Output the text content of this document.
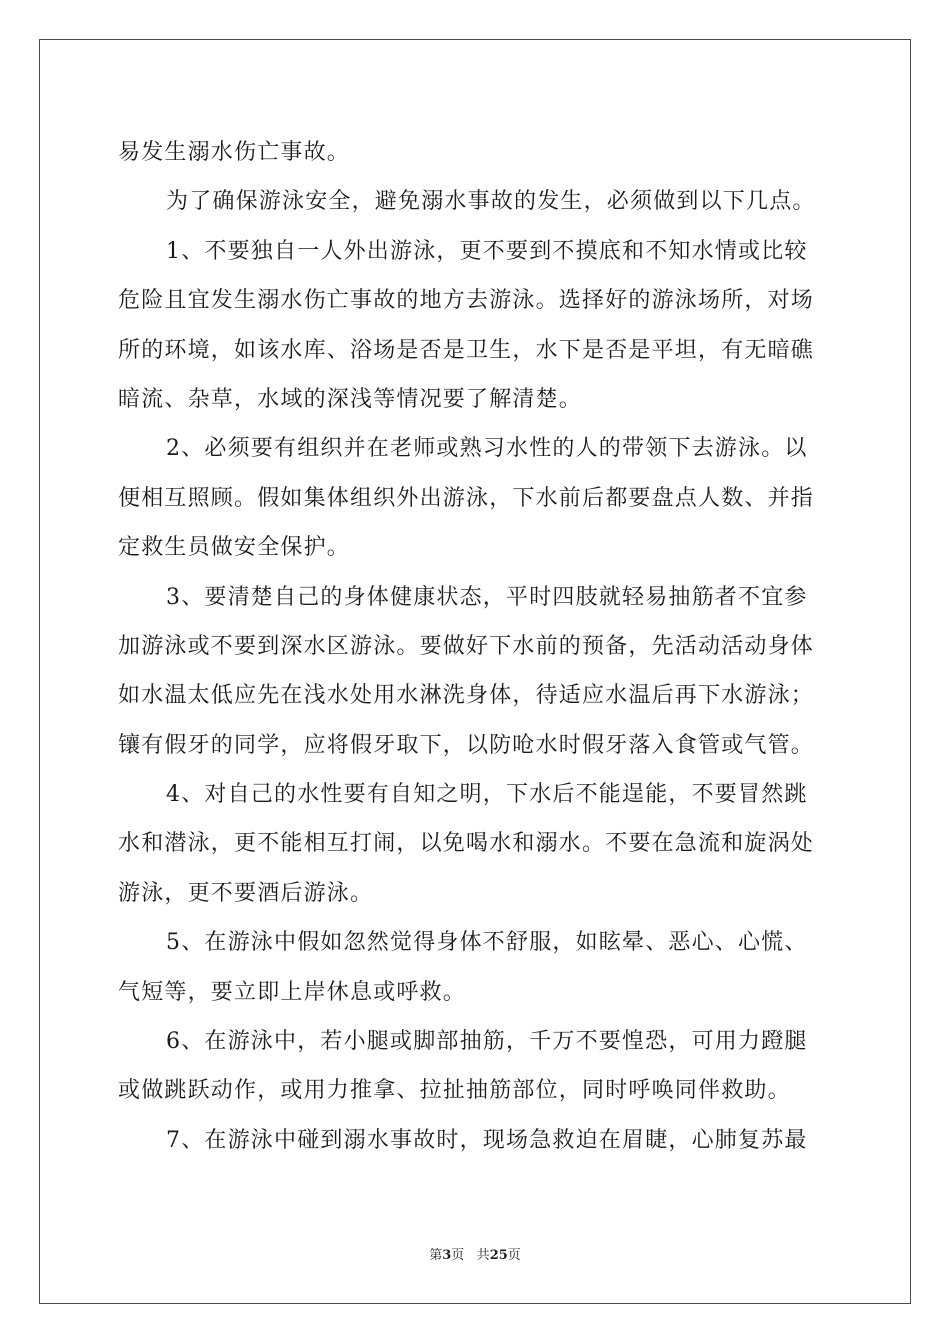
易发生溺水伤亡事故。
为了确保游泳安全，避免溺水事故的发生，必须做到以下几点。
1、不要独自一人外出游泳，更不要到不摸底和不知水情或比较
危险且宜发生溺水伤亡事故的地方去游泳。选择好的游泳场所，对场
所的环境，如该水库、浴场是否是卫生，水下是否是平坦，有无暗礁
暗流、杂草，水域的深浅等情况要了解清楚。
2、必须要有组织并在老师或熟习水性的人的带领下去游泳。以
便相互照顾。假如集体组织外出游泳，下水前后都要盘点人数、并指
定救生员做安全保护。
3、要清楚自己的身体健康状态，平时四肢就轻易抽筋者不宜参
加游泳或不要到深水区游泳。要做好下水前的预备，先活动活动身体
如水温太低应先在浅水处用水淋洗身体，待适应水温后再下水游泳；
镶有假牙的同学，应将假牙取下，以防呛水时假牙落入食管或气管。
4、对自己的水性要有自知之明，下水后不能逞能，不要冒然跳
水和潜泳，更不能相互打闹，以免喝水和溺水。不要在急流和旋涡处
游泳，更不要酒后游泳。
5、在游泳中假如忽然觉得身体不舒服，如眩晕、恶心、心慌、
气短等，要立即上岸休息或呼救。
6、在游泳中，若小腿或脚部抽筋，千万不要惶恐，可用力蹬腿
或做跳跃动作，或用力推拿、拉扯抽筋部位，同时呼唤同伴救助。
7、在游泳中碰到溺水事故时，现场急救迫在眉睫，心肺复苏最
第3页 共25页
